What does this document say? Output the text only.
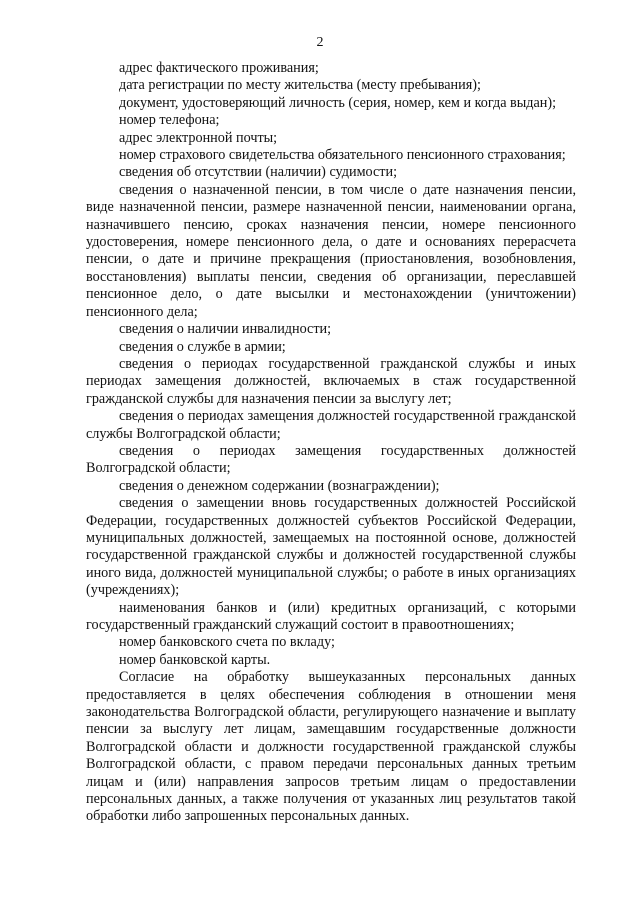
2

адрес фактического проживания;

дата регистрации по месту жительства (месту пребывания);

документ, удостоверяющий личность (серия, номер, кем и когда выдан);

номер телефона;

адрес электронной почты;

номер страхового свидетельства обязательного пенсионного страхования;

сведения об отсутствии (наличии) судимости;

сведения о назначенной пенсии, в том числе о дате назначения пенсии, виде назначенной пенсии, размере назначенной пенсии, наименовании органа, назначившего пенсию, сроках назначения пенсии, номере пенсионного удостоверения, номере пенсионного дела, о дате и основаниях перерасчета пенсии, о дате и причине прекращения (приостановления, возобновления, восстановления) выплаты пенсии, сведения об организации, переславшей пенсионное дело, о дате высылки и местонахождении (уничтожении) пенсионного дела;

сведения о наличии инвалидности;

сведения о службе в армии;

сведения о периодах государственной гражданской службы и иных периодах замещения должностей, включаемых в стаж государственной гражданской службы для назначения пенсии за выслугу лет;

сведения о периодах замещения должностей государственной гражданской службы Волгоградской области;

сведения о периодах замещения государственных должностей Волгоградской области;

сведения о денежном содержании (вознаграждении);

сведения о замещении вновь государственных должностей Российской Федерации, государственных должностей субъектов Российской Федерации, муниципальных должностей, замещаемых на постоянной основе, должностей государственной гражданской службы и должностей государственной службы иного вида, должностей муниципальной службы; о работе в иных организациях (учреждениях);

наименования банков и (или) кредитных организаций, с которыми государственный гражданский служащий состоит в правоотношениях;

номер банковского счета по вкладу;

номер банковской карты.

Согласие на обработку вышеуказанных персональных данных предоставляется в целях обеспечения соблюдения в отношении меня законодательства Волгоградской области, регулирующего назначение и выплату пенсии за выслугу лет лицам, замещавшим государственные должности Волгоградской области и должности государственной гражданской службы Волгоградской области, с правом передачи персональных данных третьим лицам и (или) направления запросов третьим лицам о предоставлении персональных данных, а также получения от указанных лиц результатов такой обработки либо запрошенных персональных данных.
